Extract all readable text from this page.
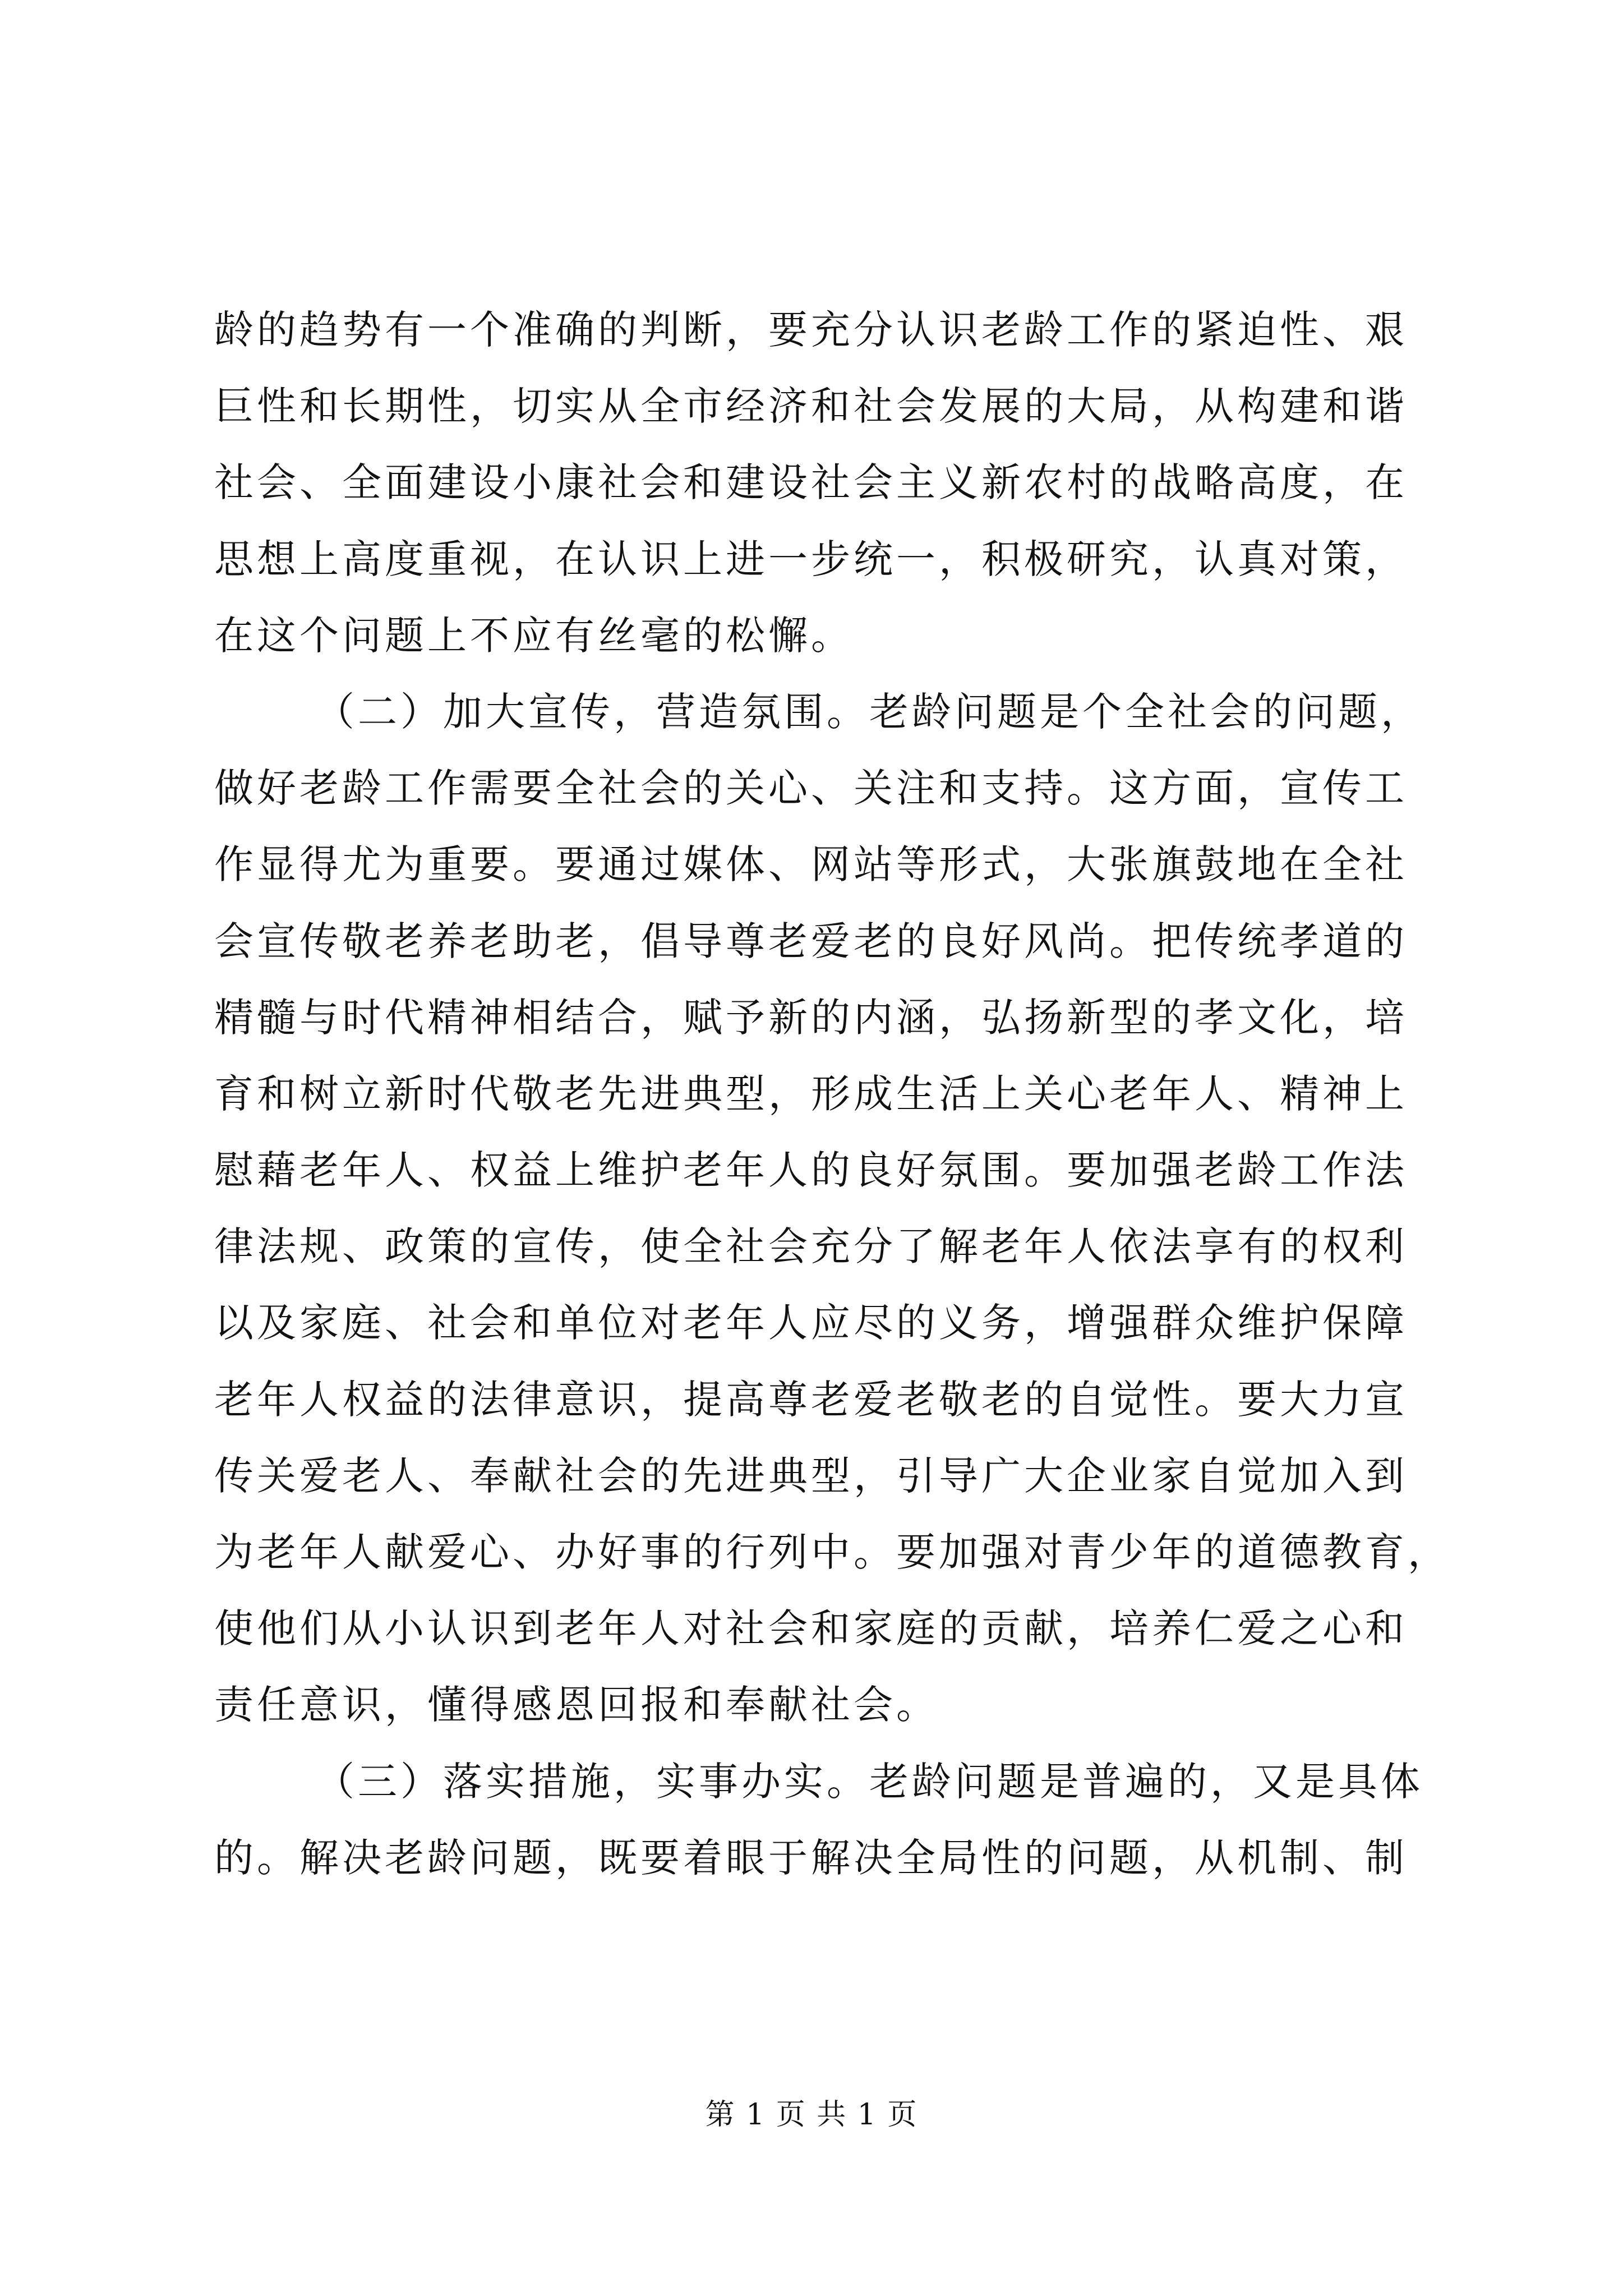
龄的趋势有一个准确的判断，要充分认识老龄工作的紧迫性、艰
巨性和长期性，切实从全市经济和社会发展的大局，从构建和谐
社会、全面建设小康社会和建设社会主义新农村的战略高度，在
思想上高度重视，在认识上进一步统一，积极研究，认真对策，
在这个问题上不应有丝毫的松懈。
（二）加大宣传，营造氛围。老龄问题是个全社会的问题，
做好老龄工作需要全社会的关心、关注和支持。这方面，宣传工
作显得尤为重要。要通过媒体、网站等形式，大张旗鼓地在全社
会宣传敬老养老助老，倡导尊老爱老的良好风尚。把传统孝道的
精髓与时代精神相结合，赋予新的内涵，弘扬新型的孝文化，培
育和树立新时代敬老先进典型，形成生活上关心老年人、精神上
慰藉老年人、权益上维护老年人的良好氛围。要加强老龄工作法
律法规、政策的宣传，使全社会充分了解老年人依法享有的权利
以及家庭、社会和单位对老年人应尽的义务，增强群众维护保障
老年人权益的法律意识，提高尊老爱老敬老的自觉性。要大力宣
传关爱老人、奉献社会的先进典型，引导广大企业家自觉加入到
为老年人献爱心、办好事的行列中。要加强对青少年的道德教育，
使他们从小认识到老年人对社会和家庭的贡献，培养仁爱之心和
责任意识，懂得感恩回报和奉献社会。
（三）落实措施，实事办实。老龄问题是普遍的，又是具体
的。解决老龄问题，既要着眼于解决全局性的问题，从机制、制
第 1 页 共 1 页
